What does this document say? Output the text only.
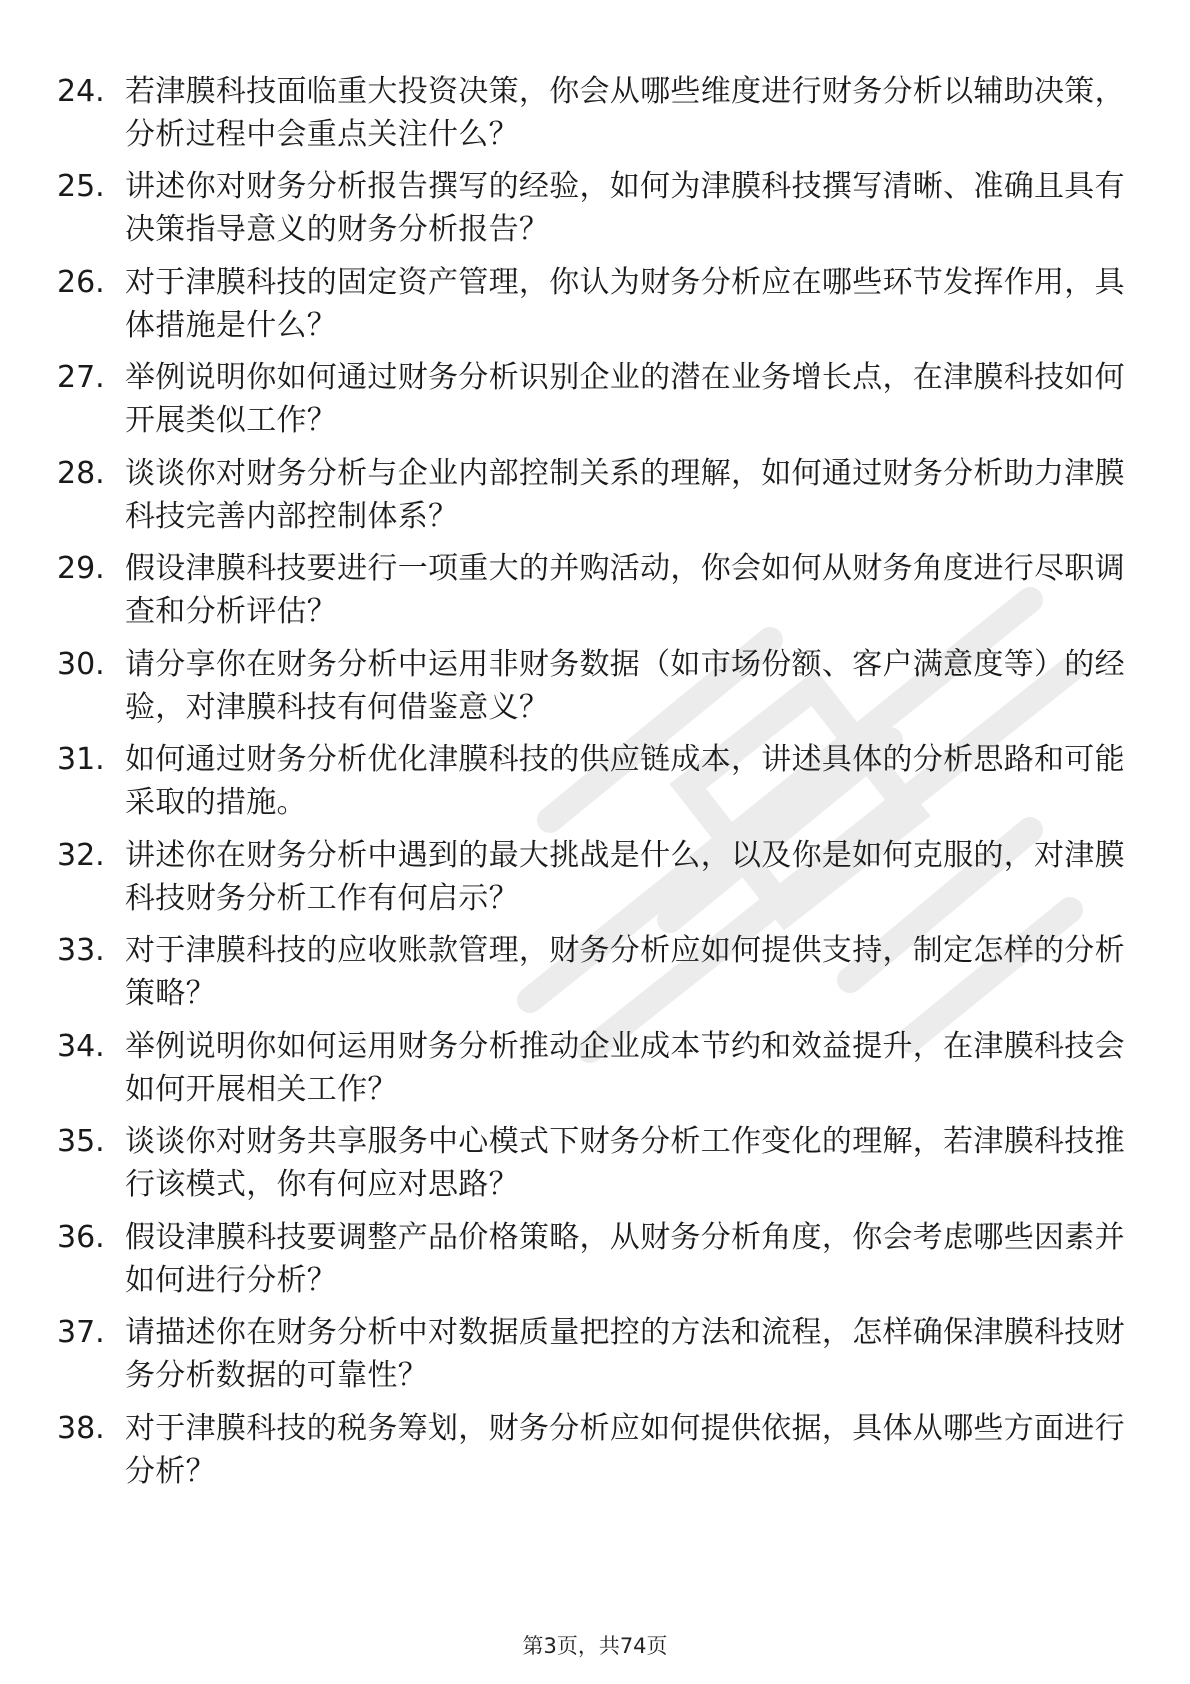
24. 若津膜科技面临重大投资决策，你会从哪些维度进行财务分析以辅助决策，分析过程中会重点关注什么？
25. 讲述你对财务分析报告撰写的经验，如何为津膜科技撰写清晰、准确且具有决策指导意义的财务分析报告？
26. 对于津膜科技的固定资产管理，你认为财务分析应在哪些环节发挥作用，具体措施是什么？
27. 举例说明你如何通过财务分析识别企业的潜在业务增长点，在津膜科技如何开展类似工作？
28. 谈谈你对财务分析与企业内部控制关系的理解，如何通过财务分析助力津膜科技完善内部控制体系？
29. 假设津膜科技要进行一项重大的并购活动，你会如何从财务角度进行尽职调查和分析评估？
30. 请分享你在财务分析中运用非财务数据（如市场份额、客户满意度等）的经验，对津膜科技有何借鉴意义？
31. 如何通过财务分析优化津膜科技的供应链成本，讲述具体的分析思路和可能采取的措施。
32. 讲述你在财务分析中遇到的最大挑战是什么，以及你是如何克服的，对津膜科技财务分析工作有何启示？
33. 对于津膜科技的应收账款管理，财务分析应如何提供支持，制定怎样的分析策略？
34. 举例说明你如何运用财务分析推动企业成本节约和效益提升，在津膜科技会如何开展相关工作？
35. 谈谈你对财务共享服务中心模式下财务分析工作变化的理解，若津膜科技推行该模式，你有何应对思路？
36. 假设津膜科技要调整产品价格策略，从财务分析角度，你会考虑哪些因素并如何进行分析？
37. 请描述你在财务分析中对数据质量把控的方法和流程，怎样确保津膜科技财务分析数据的可靠性？
38. 对于津膜科技的税务筹划，财务分析应如何提供依据，具体从哪些方面进行分析？
第3页，共74页
